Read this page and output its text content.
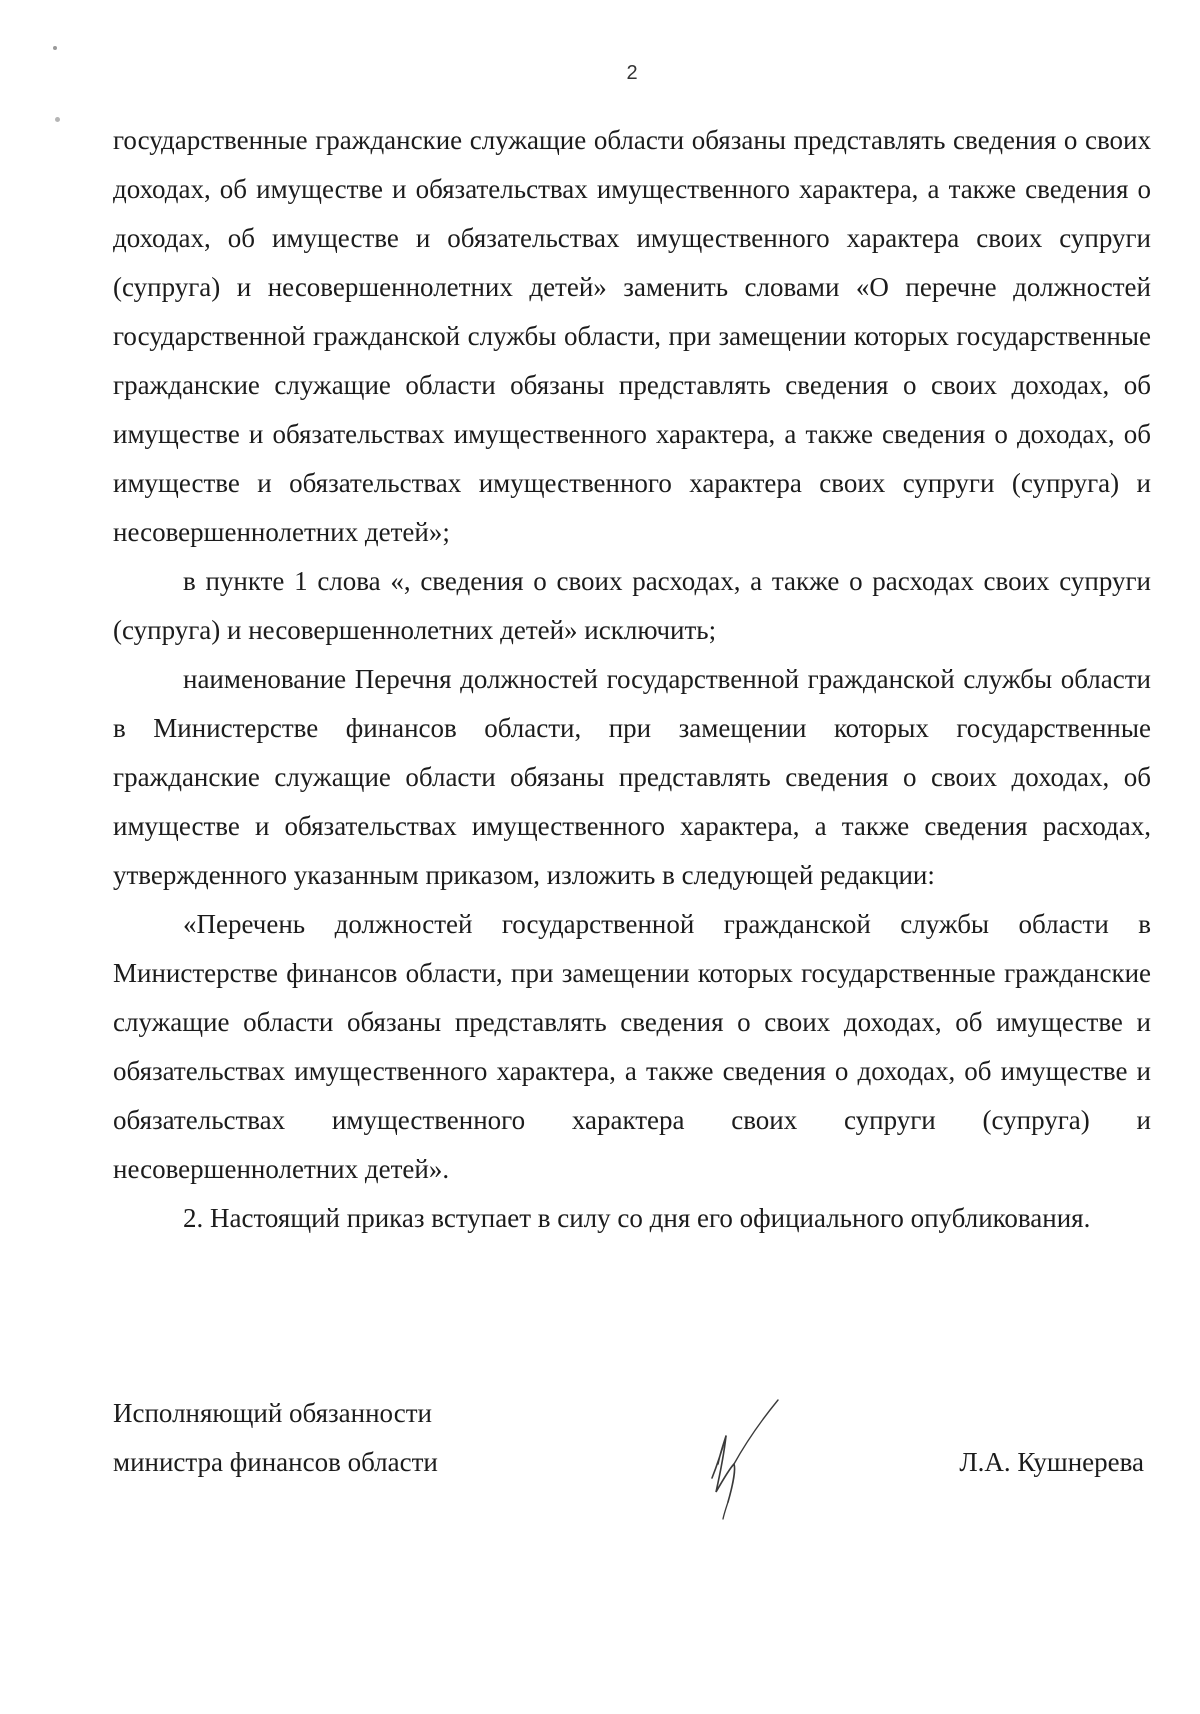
2

государственные гражданские служащие области обязаны представлять сведения о своих доходах, об имуществе и обязательствах имущественного характера, а также сведения о доходах, об имуществе и обязательствах имущественного характера своих супруги (супруга) и несовершеннолетних детей» заменить словами «О перечне должностей государственной гражданской службы области, при замещении которых государственные гражданские служащие области обязаны представлять сведения о своих доходах, об имуществе и обязательствах имущественного характера, а также сведения о доходах, об имуществе и обязательствах имущественного характера своих супруги (супруга) и несовершеннолетних детей»;

в пункте 1 слова «, сведения о своих расходах, а также о расходах своих супруги (супруга) и несовершеннолетних детей» исключить;

наименование Перечня должностей государственной гражданской службы области в Министерстве финансов области, при замещении которых государственные гражданские служащие области обязаны представлять сведения о своих доходах, об имуществе и обязательствах имущественного характера, а также сведения расходах, утвержденного указанным приказом, изложить в следующей редакции:

«Перечень должностей государственной гражданской службы области в Министерстве финансов области, при замещении которых государственные гражданские служащие области обязаны представлять сведения о своих доходах, об имуществе и обязательствах имущественного характера, а также сведения о доходах, об имуществе и обязательствах имущественного характера своих супруги (супруга) и несовершеннолетних детей».

2. Настоящий приказ вступает в силу со дня его официального опубликования.

Исполняющий обязанности
министра финансов области	Л.А. Кушнерева
